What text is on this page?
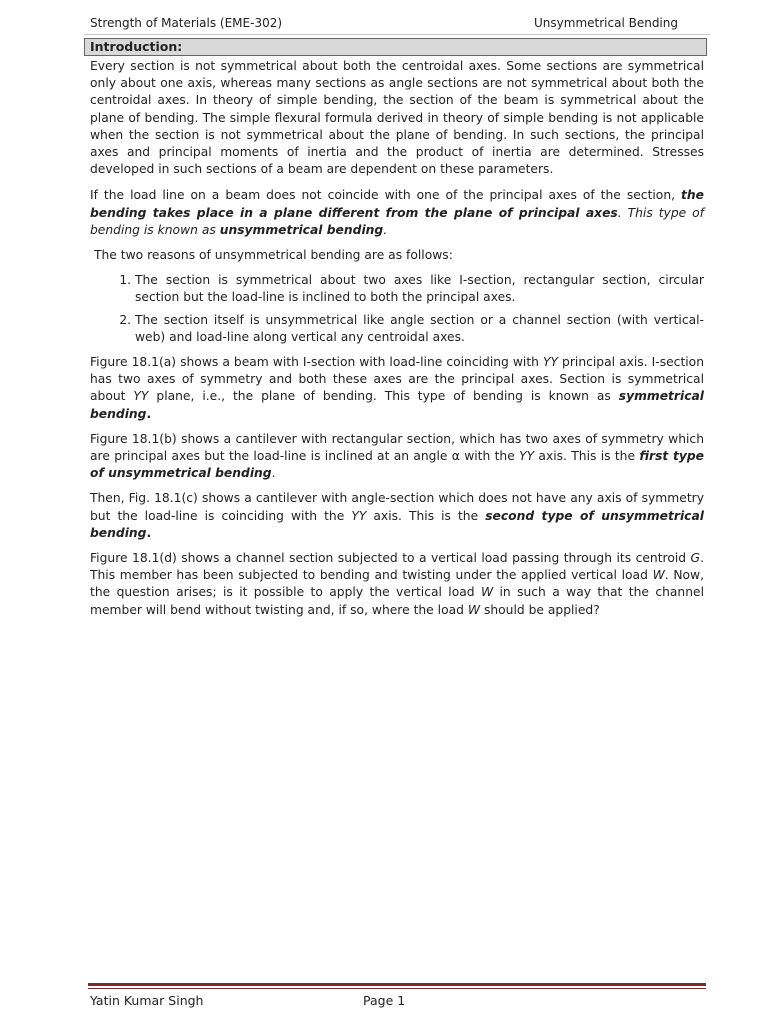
Strength of Materials (EME-302)	Unsymmetrical Bending
Introduction:

Every section is not symmetrical about both the centroidal axes. Some sections are symmetrical only about one axis, whereas many sections as angle sections are not symmetrical about both the centroidal axes. In theory of simple bending, the section of the beam is symmetrical about the plane of bending. The simple flexural formula derived in theory of simple bending is not applicable when the section is not symmetrical about the plane of bending. In such sections, the principal axes and principal moments of inertia and the product of inertia are determined. Stresses developed in such sections of a beam are dependent on these parameters.

If the load line on a beam does not coincide with one of the principal axes of the section, the bending takes place in a plane different from the plane of principal axes. This type of bending is known as unsymmetrical bending.

The two reasons of unsymmetrical bending are as follows:

1. The section is symmetrical about two axes like I-section, rectangular section, circular section but the load-line is inclined to both the principal axes.
2. The section itself is unsymmetrical like angle section or a channel section (with vertical-web) and load-line along vertical any centroidal axes.

Figure 18.1(a) shows a beam with I-section with load-line coinciding with YY principal axis. I-section has two axes of symmetry and both these axes are the principal axes. Section is symmetrical about YY plane, i.e., the plane of bending. This type of bending is known as symmetrical bending.

Figure 18.1(b) shows a cantilever with rectangular section, which has two axes of symmetry which are principal axes but the load-line is inclined at an angle α with the YY axis. This is the first type of unsymmetrical bending.

Then, Fig. 18.1(c) shows a cantilever with angle-section which does not have any axis of symmetry but the load-line is coinciding with the YY axis. This is the second type of unsymmetrical bending.

Figure 18.1(d) shows a channel section subjected to a vertical load passing through its centroid G. This member has been subjected to bending and twisting under the applied vertical load W. Now, the question arises; is it possible to apply the vertical load W in such a way that the channel member will bend without twisting and, if so, where the load W should be applied?

Yatin Kumar Singh	Page 1
